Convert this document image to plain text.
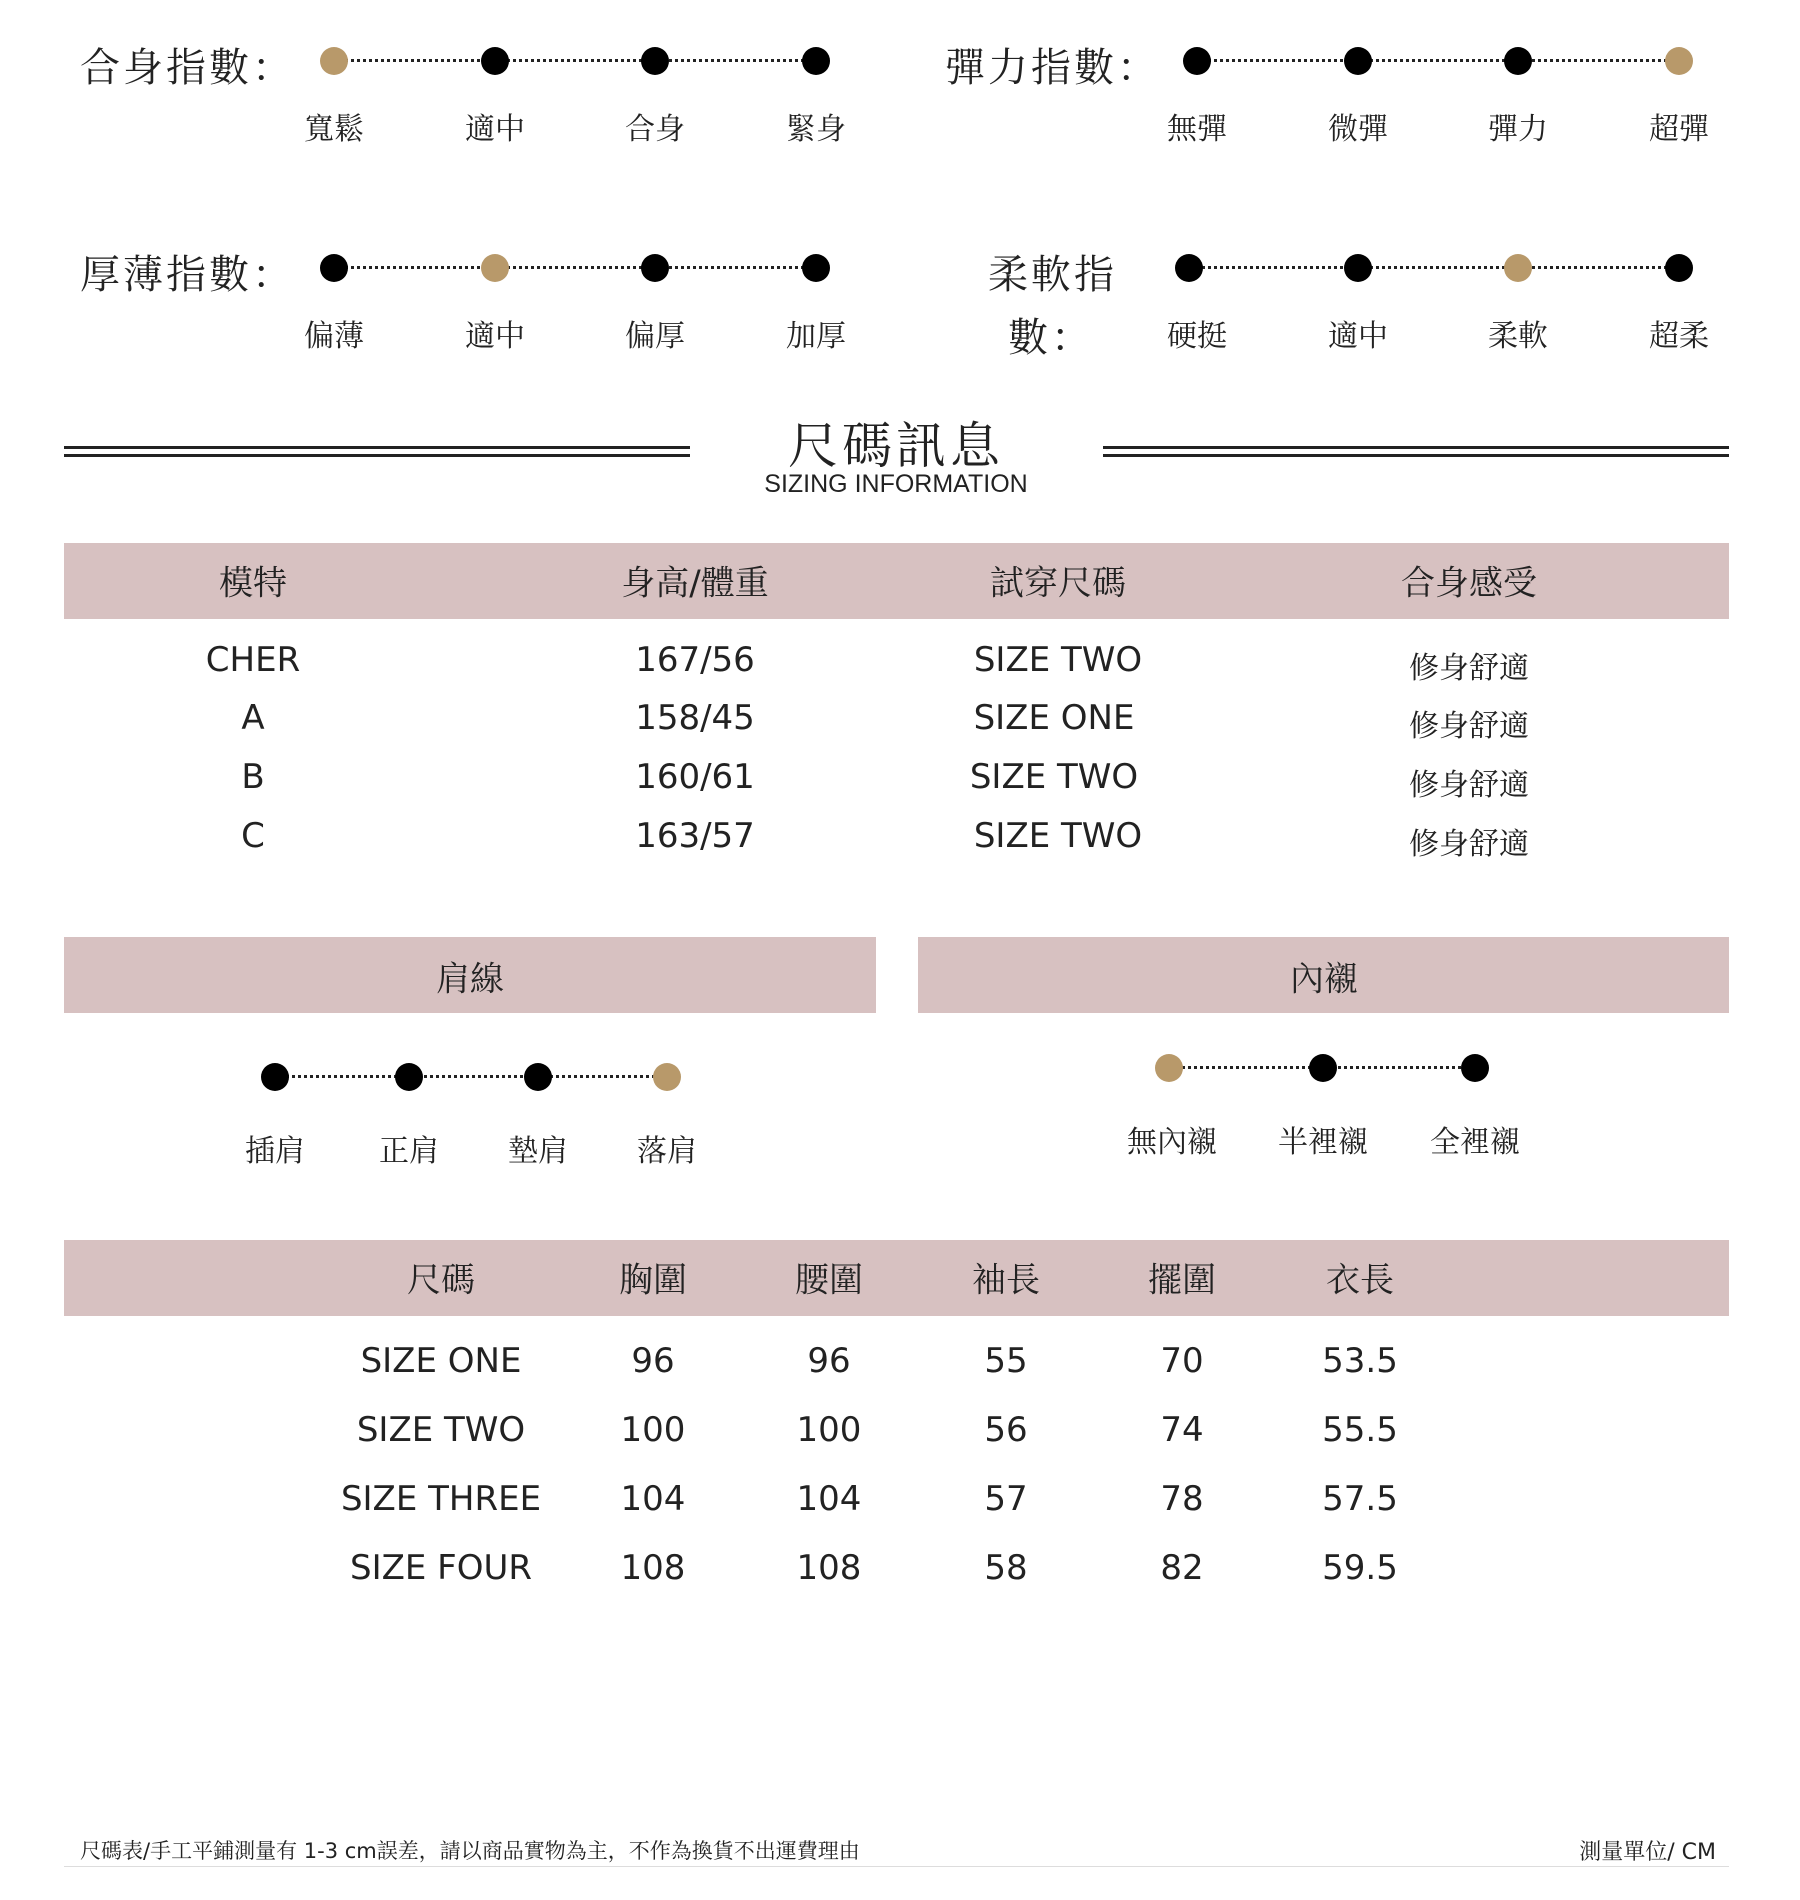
合身指數：
寬鬆	適中	合身	緊身
彈力指數：
無彈	微彈	彈力	超彈
厚薄指數：
偏薄	適中	偏厚	加厚
柔軟指
數： 硬挺	適中	柔軟	超柔
尺碼訊息
SIZING INFORMATION
模特	身高/體重	試穿尺碼	合身感受
CHER	167/56	SIZE TWO	修身舒適
A	158/45	SIZE ONE	修身舒適
B	160/61	SIZE TWO	修身舒適
C	163/57	SIZE TWO	修身舒適
肩線
插肩 正肩 墊肩 落肩
內襯
無內襯 半裡襯 全裡襯
尺碼	胸圍	腰圍	袖長	擺圍	衣長
SIZE ONE	96	96	55	70	53.5
SIZE TWO	100	100	56	74	55.5
SIZE THREE 104	104	57	78	57.5
SIZE FOUR	108	108	58	82	59.5
尺碼表/手工平鋪測量有 1-3 cm誤差，請以商品實物為主，不作為換貨不出運費理由	測量單位/ CM
